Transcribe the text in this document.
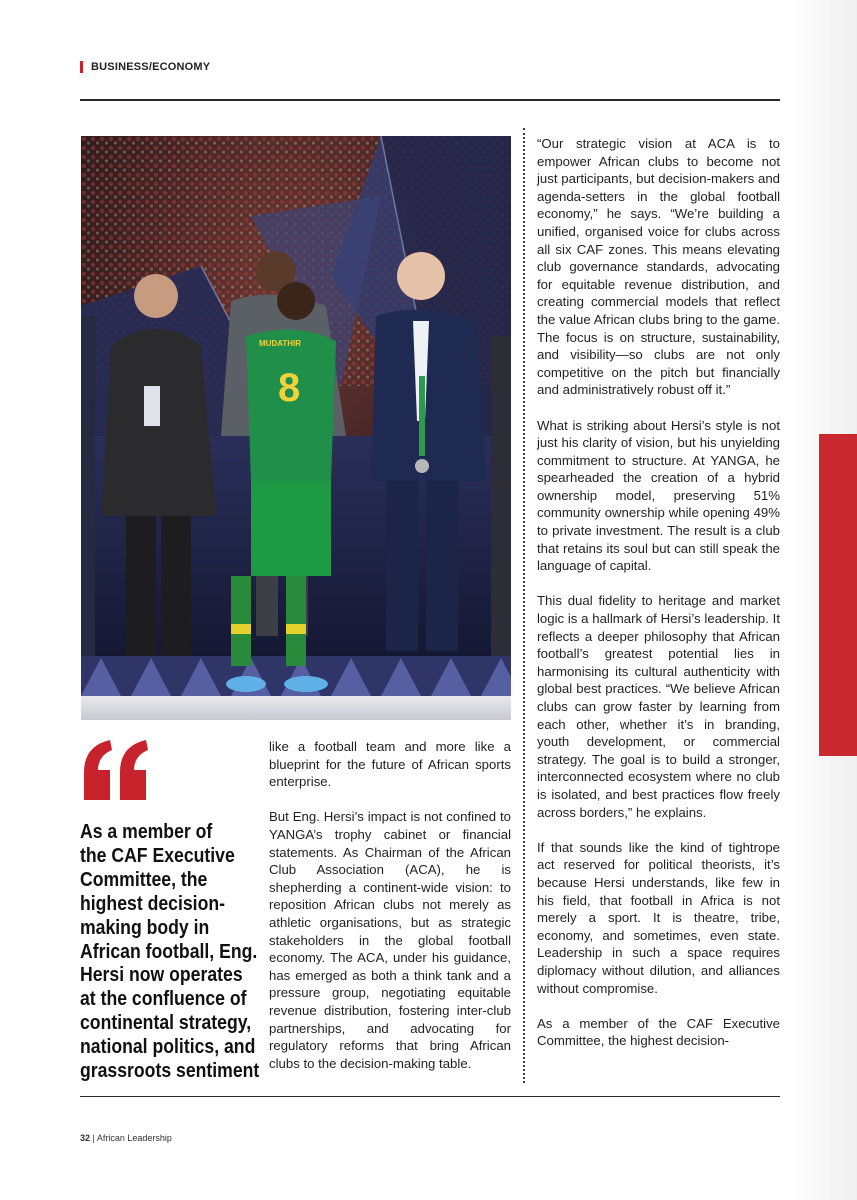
BUSINESS/ECONOMY
MUDATHIR
8
As a member of
the CAF Executive
Committee, the
highest decision-
making body in
African football, Eng.
Hersi now operates
at the confluence of
continental strategy,
national politics, and
grassroots sentiment

like a football team and more like a blueprint for the future of African sports enterprise.

But Eng. Hersi’s impact is not confined to YANGA’s trophy cabinet or financial statements. As Chairman of the African Club Association (ACA), he is shepherding a continent-wide vision: to reposition African clubs not merely as athletic organisations, but as strategic stakeholders in the global football economy. The ACA, under his guidance, has emerged as both a think tank and a pressure group, negotiating equitable revenue distribution, fostering inter-club partnerships, and advocating for regulatory reforms that bring African clubs to the decision-making table.

“Our strategic vision at ACA is to empower African clubs to become not just participants, but decision-makers and agenda-setters in the global football economy,” he says. “We’re building a unified, organised voice for clubs across all six CAF zones. This means elevating club governance standards, advocating for equitable revenue distribution, and creating commercial models that reflect the value African clubs bring to the game. The focus is on structure, sustainability, and visibility—so clubs are not only competitive on the pitch but financially and administratively robust off it.”

What is striking about Hersi’s style is not just his clarity of vision, but his unyielding commitment to structure. At YANGA, he spearheaded the creation of a hybrid ownership model, preserving 51% community ownership while opening 49% to private investment. The result is a club that retains its soul but can still speak the language of capital.

This dual fidelity to heritage and market logic is a hallmark of Hersi’s leadership. It reflects a deeper philosophy that African football’s greatest potential lies in harmonising its cultural authenticity with global best practices. “We believe African clubs can grow faster by learning from each other, whether it’s in branding, youth development, or commercial strategy. The goal is to build a stronger, interconnected ecosystem where no club is isolated, and best practices flow freely across borders,” he explains.

If that sounds like the kind of tightrope act reserved for political theorists, it’s because Hersi understands, like few in his field, that football in Africa is not merely a sport. It is theatre, tribe, economy, and sometimes, even state. Leadership in such a space requires diplomacy without dilution, and alliances without compromise.

As a member of the CAF Executive Committee, the highest decision-

32 | African Leadership
